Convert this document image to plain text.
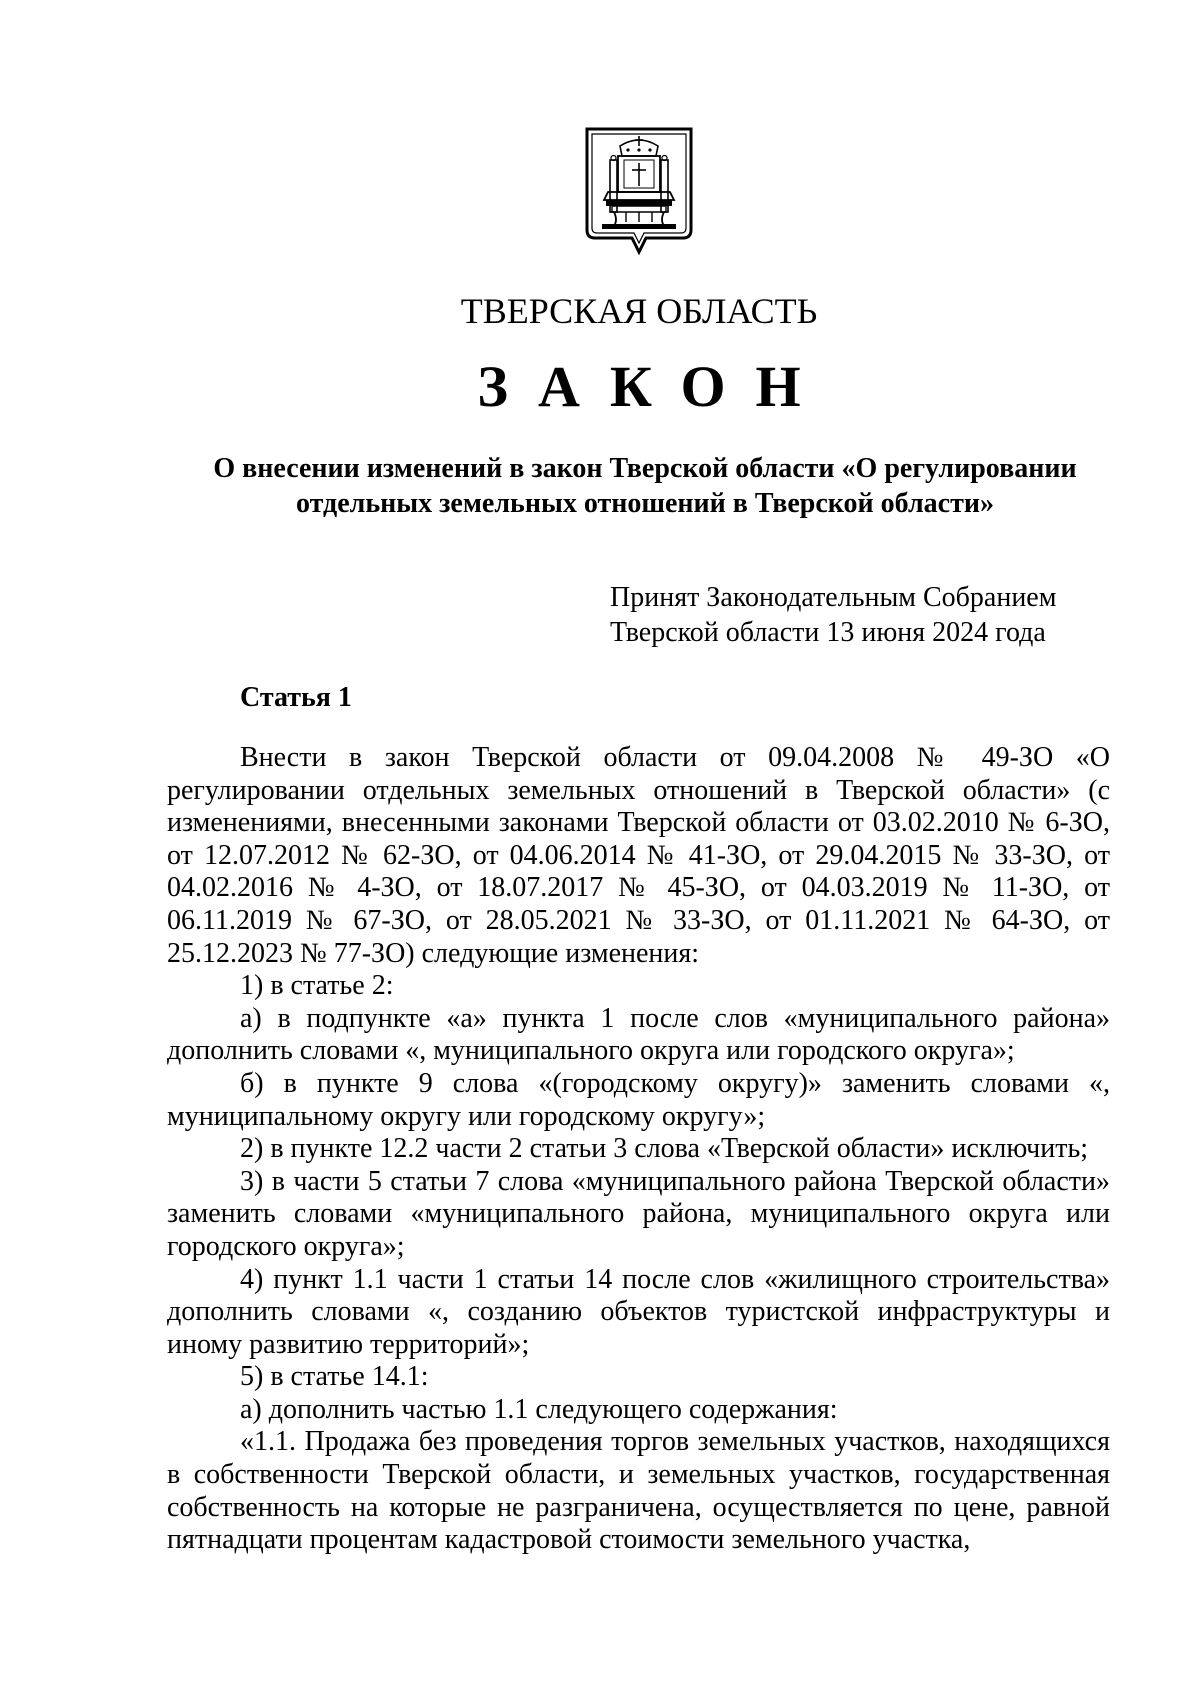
ТВЕРСКАЯ ОБЛАСТЬ
ЗАКОН
О внесении изменений в закон Тверской области «О регулировании
отдельных земельных отношений в Тверской области»
Принят Законодательным Собранием
Тверской области 13 июня 2024 года
Статья 1

Внести в закон Тверской области от 09.04.2008 № 49-ЗО «О регулировании отдельных земельных отношений в Тверской области» (с изменениями, внесенными законами Тверской области от 03.02.2010 № 6-ЗО, от 12.07.2012 № 62-ЗО, от 04.06.2014 № 41-ЗО, от 29.04.2015 № 33-ЗО, от 04.02.2016 № 4-ЗО, от 18.07.2017 № 45-ЗО, от 04.03.2019 № 11-ЗО, от 06.11.2019 № 67-ЗО, от 28.05.2021 № 33-ЗО, от 01.11.2021 № 64-ЗО, от 25.12.2023 № 77-ЗО) следующие изменения:

1) в статье 2:

а) в подпункте «а» пункта 1 после слов «муниципального района» дополнить словами «, муниципального округа или городского округа»;

б) в пункте 9 слова «(городскому округу)» заменить словами «, муниципальному округу или городскому округу»;

2) в пункте 12.2 части 2 статьи 3 слова «Тверской области» исключить;

3) в части 5 статьи 7 слова «муниципального района Тверской области» заменить словами «муниципального района, муниципального округа или городского округа»;

4) пункт 1.1 части 1 статьи 14 после слов «жилищного строительства» дополнить словами «, созданию объектов туристской инфраструктуры и иному развитию территорий»;

5) в статье 14.1:

а) дополнить частью 1.1 следующего содержания:

«1.1. Продажа без проведения торгов земельных участков, находящихся в собственности Тверской области, и земельных участков, государственная собственность на которые не разграничена, осуществляется по цене, равной пятнадцати процентам кадастровой стоимости земельного участка,
